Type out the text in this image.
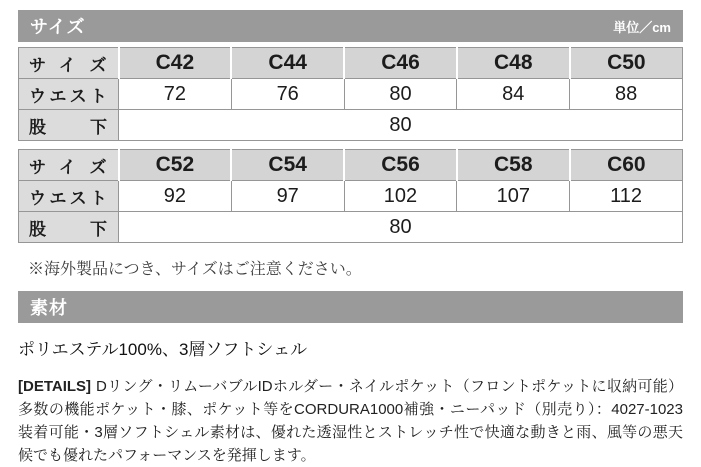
サイズ	単位／cm
サイズ	C42	C44	C46	C48	C50
ウエスト	72	76	80	84	88
股下	80				
サイズ	C52	C54	C56	C58	C60
ウエスト	92	97	102	107	112
股下	80				

※海外製品につき、サイズはご注意ください。

素材

ポリエステル100%、3層ソフトシェル

[DETAILS] Dリング・リムーバブルIDホルダー・ネイルポケット（フロントポケットに収納可能）多数の機能ポケット・膝、ポケット等をCORDURA1000補強・ニーパッド（別売り）：4027-1023装着可能・3層ソフトシェル素材は、優れた透湿性とストレッチ性で快適な動きと雨、風等の悪天候でも優れたパフォーマンスを発揮します。
